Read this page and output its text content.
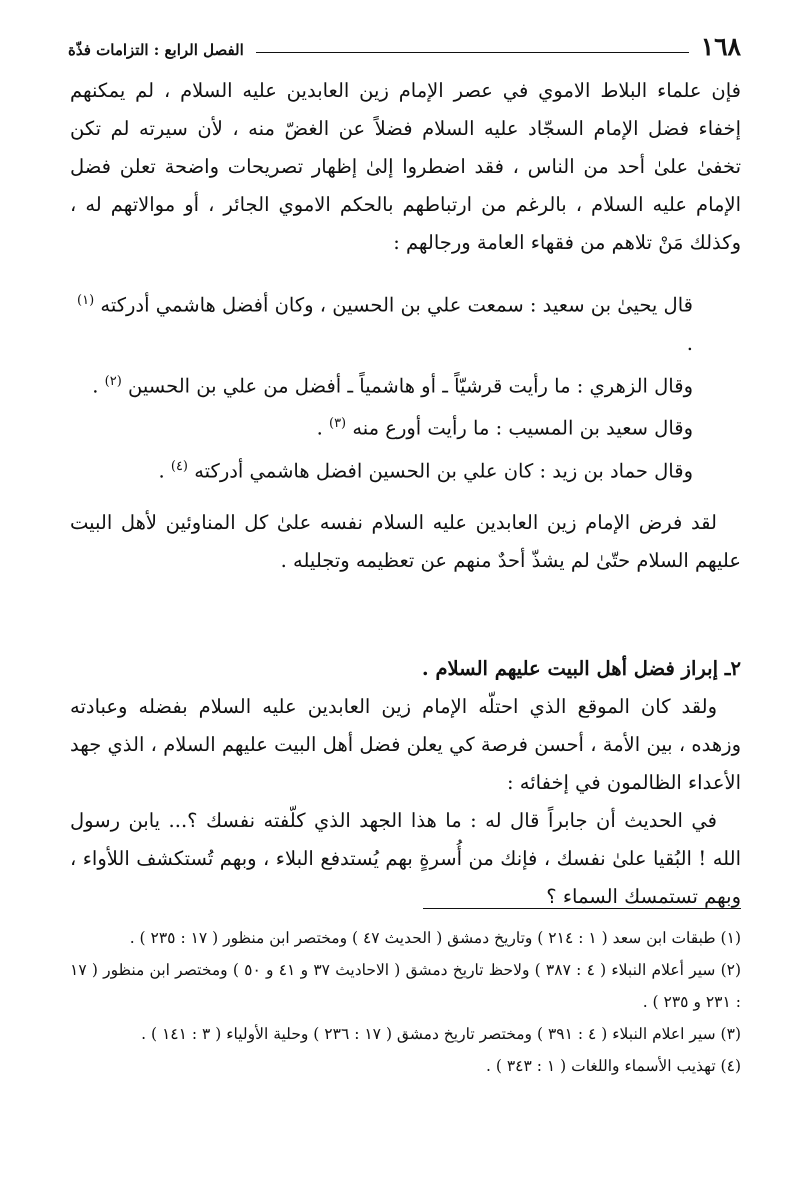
١٦٨
الفصل الرابع : التزامات فذّة

فإن علماء البلاط الاموي في عصر الإمام زين العابدين عليه السلام ، لم يمكنهم إخفاء فضل الإمام السجّاد عليه السلام فضلاً عن الغضّ منه ، لأن سيرته لم تكن تخفىٰ علىٰ أحد من الناس ، فقد اضطروا إلىٰ إظهار تصريحات واضحة تعلن فضل الإمام عليه السلام ، بالرغم من ارتباطهم بالحكم الاموي الجائر ، أو موالاتهم له ، وكذلك مَنْ تلاهم من فقهاء العامة ورجالهم :

قال يحيىٰ بن سعيد : سمعت علي بن الحسين ، وكان أفضل هاشمي أدركته $^{(١)}$ .

وقال الزهري : ما رأيت قرشيّاً ـ أو هاشمياً ـ أفضل من علي بن الحسين $^{(٢)}$ .

وقال سعيد بن المسيب : ما رأيت أورع منه $^{(٣)}$ .

وقال حماد بن زيد : كان علي بن الحسين افضل هاشمي أدركته $^{(٤)}$ .

لقد فرض الإمام زين العابدين عليه السلام نفسه علىٰ كل المناوئين لأهل البيت عليهم السلام حتّىٰ لم يشذّ أحدٌ منهم عن تعظيمه وتجليله .

٢ـ إبراز فضل أهل البيت عليهم السلام .

ولقد كان الموقع الذي احتلّه الإمام زين العابدين عليه السلام بفضله وعبادته وزهده ، بين الأمة ، أحسن فرصة كي يعلن فضل أهل البيت عليهم السلام ، الذي جهد الأعداء الظالمون في إخفائه :

في الحديث أن جابراً قال له : ما هذا الجهد الذي كلّفته نفسك ؟... يابن رسول الله ! البُقيا علىٰ نفسك ، فإنك من أُسرةٍ بهم يُستدفع البلاء ، وبهم تُستكشف اللأواء ، وبهم تستمسك السماء ؟

(١) طبقات ابن سعد ( ١ : ٢١٤ ) وتاريخ دمشق ( الحديث ٤٧ ) ومختصر ابن منظور ( ١٧ : ٢٣٥ ) .

(٢) سير أعلام النبلاء ( ٤ : ٣٨٧ ) ولاحظ تاريخ دمشق ( الاحاديث ٣٧ و ٤١ و ٥٠ ) ومختصر ابن منظور ( ١٧ : ٢٣١ و ٢٣٥ ) .

(٣) سير اعلام النبلاء ( ٤ : ٣٩١ ) ومختصر تاريخ دمشق ( ١٧ : ٢٣٦ ) وحلية الأولياء ( ٣ : ١٤١ ) .

(٤) تهذيب الأسماء واللغات ( ١ : ٣٤٣ ) .
